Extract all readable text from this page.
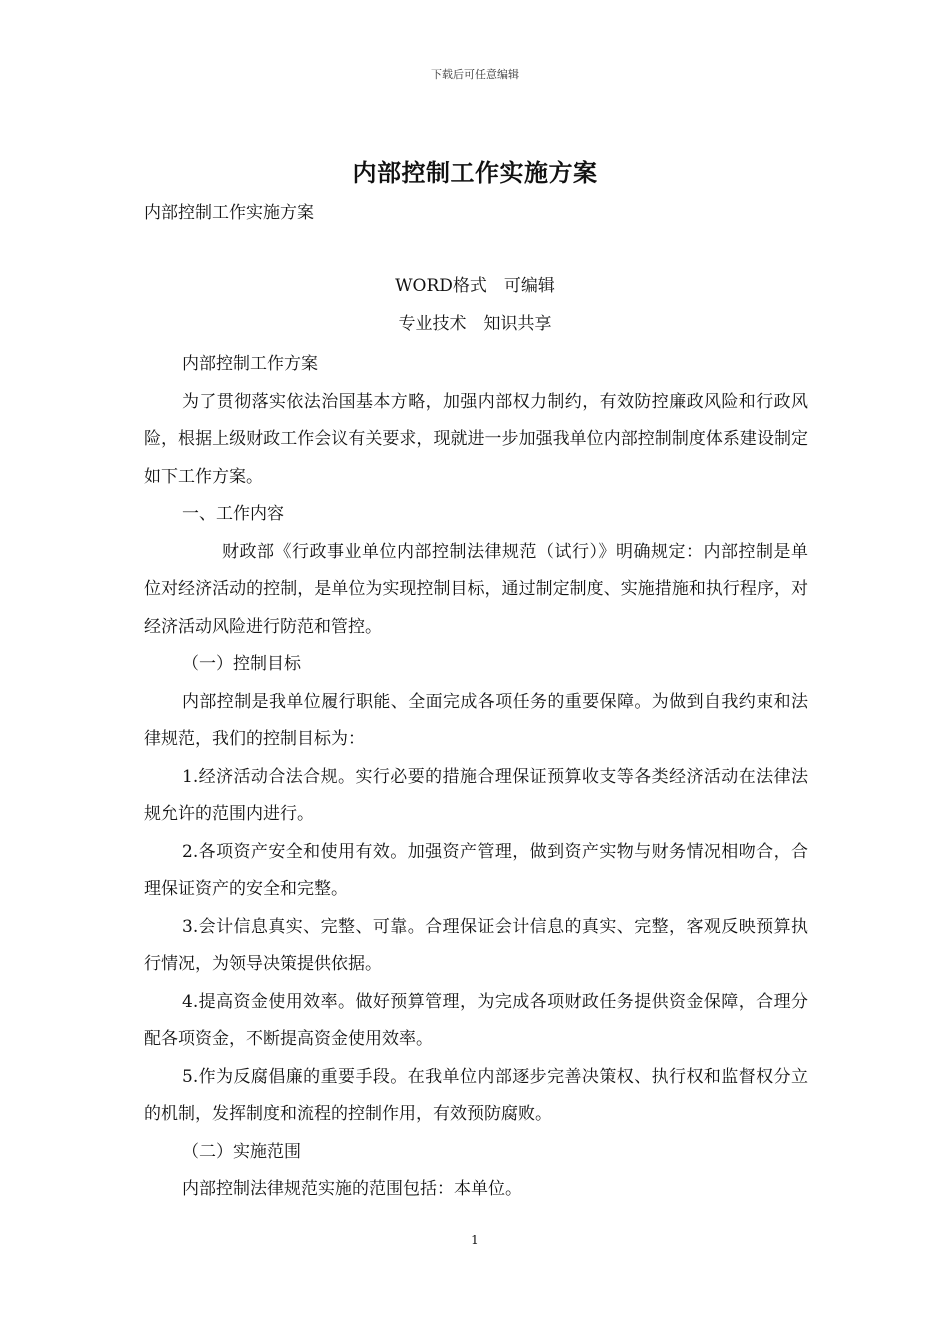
下载后可任意编辑
内部控制工作实施方案
内部控制工作实施方案
WORD格式　可编辑
专业技术　知识共享

内部控制工作方案

为了贯彻落实依法治国基本方略，加强内部权力制约，有效防控廉政风险和行政风险，根据上级财政工作会议有关要求，现就进一步加强我单位内部控制制度体系建设制定如下工作方案。

一、工作内容

财政部《行政事业单位内部控制法律规范（试行）》明确规定：内部控制是单位对经济活动的控制，是单位为实现控制目标，通过制定制度、实施措施和执行程序，对经济活动风险进行防范和管控。

（一）控制目标

内部控制是我单位履行职能、全面完成各项任务的重要保障。为做到自我约束和法律规范，我们的控制目标为：

1.经济活动合法合规。实行必要的措施合理保证预算收支等各类经济活动在法律法规允许的范围内进行。

2.各项资产安全和使用有效。加强资产管理，做到资产实物与财务情况相吻合，合理保证资产的安全和完整。

3.会计信息真实、完整、可靠。合理保证会计信息的真实、完整，客观反映预算执行情况，为领导决策提供依据。

4.提高资金使用效率。做好预算管理，为完成各项财政任务提供资金保障，合理分配各项资金，不断提高资金使用效率。

5.作为反腐倡廉的重要手段。在我单位内部逐步完善决策权、执行权和监督权分立的机制，发挥制度和流程的控制作用，有效预防腐败。

（二）实施范围

内部控制法律规范实施的范围包括：本单位。

1
